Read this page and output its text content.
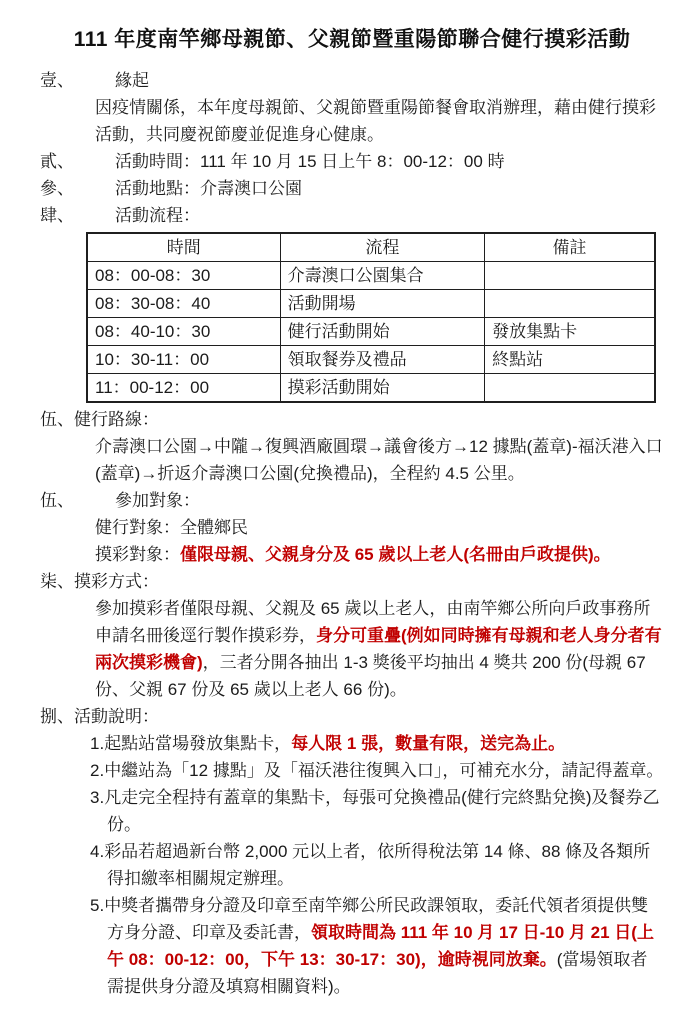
111 年度南竿鄉母親節、父親節暨重陽節聯合健行摸彩活動
壹、 緣起

因疫情關係，本年度母親節、父親節暨重陽節餐會取消辦理，藉由健行摸彩活動，共同慶祝節慶並促進身心健康。

貳、 活動時間：111 年 10 月 15 日上午 8：00-12：00 時
參、 活動地點：介壽澳口公園
肆、 活動流程：
時間	流程	備註
08：00-08：30	介壽澳口公園集合	
08：30-08：40	活動開場	
08：40-10：30	健行活動開始	發放集點卡
10：30-11：00	領取餐券及禮品	終點站
11：00-12：00	摸彩活動開始	
伍、健行路線：

介壽澳口公園→中隴→復興酒廠圓環→議會後方→12 據點(蓋章)-福沃港入口(蓋章)→折返介壽澳口公園(兌換禮品)，全程約 4.5 公里。

伍、 參加對象：

健行對象：全體鄉民

摸彩對象：僅限母親、父親身分及 65 歲以上老人(名冊由戶政提供)。

柒、摸彩方式：

參加摸彩者僅限母親、父親及 65 歲以上老人，由南竿鄉公所向戶政事務所申請名冊後逕行製作摸彩券，身分可重疊(例如同時擁有母親和老人身分者有兩次摸彩機會)，三者分開各抽出 1-3 獎後平均抽出 4 獎共 200 份(母親 67 份、父親 67 份及 65 歲以上老人 66 份)。

捌、活動說明：

1.起點站當場發放集點卡，每人限 1 張，數量有限，送完為止。

2.中繼站為「12 據點」及「福沃港往復興入口」，可補充水分，請記得蓋章。

3.凡走完全程持有蓋章的集點卡，每張可兌換禮品(健行完終點兌換)及餐券乙份。

4.彩品若超過新台幣 2,000 元以上者，依所得稅法第 14 條、88 條及各類所得扣繳率相關規定辦理。

5.中獎者攜帶身分證及印章至南竿鄉公所民政課領取，委託代領者須提供雙方身分證、印章及委託書，領取時間為 111 年 10 月 17 日-10 月 21 日(上午 08：00-12：00，下午 13：30-17：30)，逾時視同放棄。(當場領取者需提供身分證及填寫相關資料)。
